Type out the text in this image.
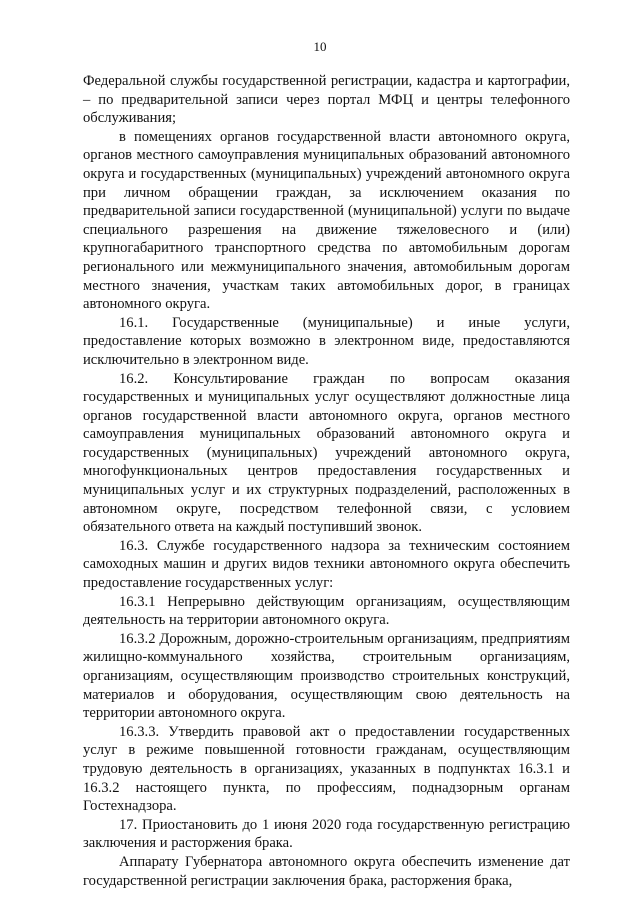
10

Федеральной службы государственной регистрации, кадастра и картографии, – по предварительной записи через портал МФЦ и центры телефонного обслуживания;

в помещениях органов государственной власти автономного округа, органов местного самоуправления муниципальных образований автономного округа и государственных (муниципальных) учреждений автономного округа при личном обращении граждан, за исключением оказания по предварительной записи государственной (муниципальной) услуги по выдаче специального разрешения на движение тяжеловесного и (или) крупногабаритного транспортного средства по автомобильным дорогам регионального или межмуниципального значения, автомобильным дорогам местного значения, участкам таких автомобильных дорог, в границах автономного округа.

16.1. Государственные (муниципальные) и иные услуги, предоставление которых возможно в электронном виде, предоставляются исключительно в электронном виде.

16.2. Консультирование граждан по вопросам оказания государственных и муниципальных услуг осуществляют должностные лица органов государственной власти автономного округа, органов местного самоуправления муниципальных образований автономного округа и государственных (муниципальных) учреждений автономного округа, многофункциональных центров предоставления государственных и муниципальных услуг и их структурных подразделений, расположенных в автономном округе, посредством телефонной связи, с условием обязательного ответа на каждый поступивший звонок.

16.3. Службе государственного надзора за техническим состоянием самоходных машин и других видов техники автономного округа обеспечить предоставление государственных услуг:

16.3.1 Непрерывно действующим организациям, осуществляющим деятельность на территории автономного округа.

16.3.2 Дорожным, дорожно-строительным организациям, предприятиям жилищно-коммунального хозяйства, строительным организациям, организациям, осуществляющим производство строительных конструкций, материалов и оборудования, осуществляющим свою деятельность на территории автономного округа.

16.3.3. Утвердить правовой акт о предоставлении государственных услуг в режиме повышенной готовности гражданам, осуществляющим трудовую деятельность в организациях, указанных в подпунктах 16.3.1 и 16.3.2 настоящего пункта, по профессиям, поднадзорным органам Гостехнадзора.

17. Приостановить до 1 июня 2020 года государственную регистрацию заключения и расторжения брака.

Аппарату Губернатора автономного округа обеспечить изменение дат государственной регистрации заключения брака, расторжения брака,
